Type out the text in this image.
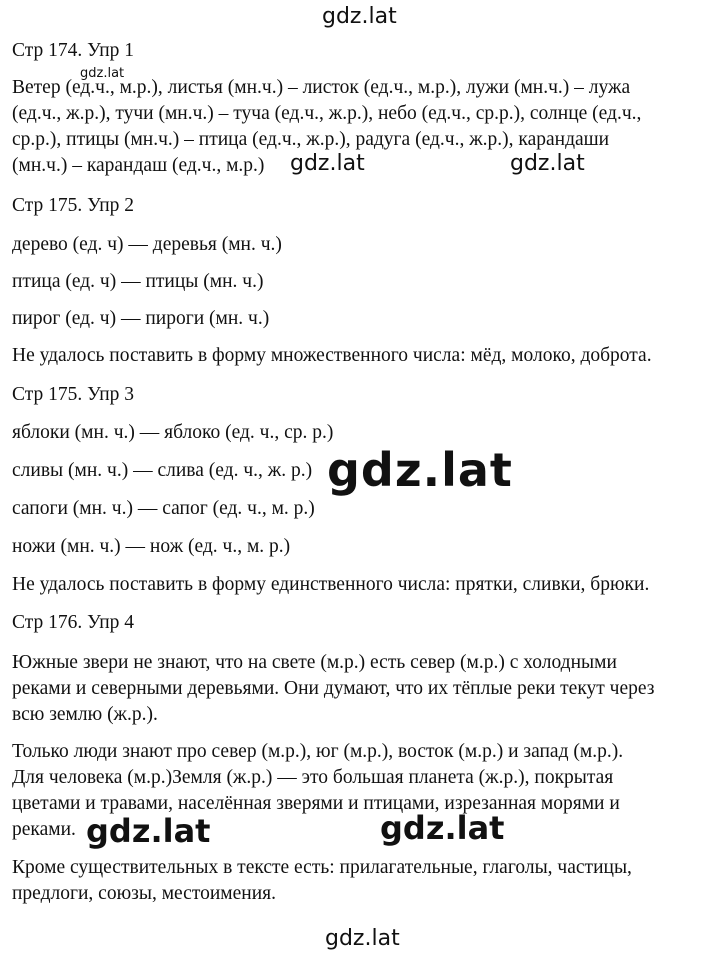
Стр 174. Упр 1
Ветер (ед.ч., м.р.), листья (мн.ч.) – листок (ед.ч., м.р.), лужи (мн.ч.) – лужа
(ед.ч., ж.р.), тучи (мн.ч.) – туча (ед.ч., ж.р.), небо (ед.ч., ср.р.), солнце (ед.ч.,
ср.р.), птицы (мн.ч.) – птица (ед.ч., ж.р.), радуга (ед.ч., ж.р.), карандаши
(мн.ч.) – карандаш (ед.ч., м.р.)
Стр 175. Упр 2
дерево (ед. ч) — деревья (мн. ч.)
птица (ед. ч) — птицы (мн. ч.)
пирог (ед. ч) — пироги (мн. ч.)
Не удалось поставить в форму множественного числа: мёд, молоко, доброта.
Стр 175. Упр 3
яблоки (мн. ч.) — яблоко (ед. ч., ср. р.)
сливы (мн. ч.) — слива (ед. ч., ж. р.)
сапоги (мн. ч.) — сапог (ед. ч., м. р.)
ножи (мн. ч.) — нож (ед. ч., м. р.)
Не удалось поставить в форму единственного числа: прятки, сливки, брюки.
Стр 176. Упр 4
Южные звери не знают, что на свете (м.р.) есть север (м.р.) с холодными
реками и северными деревьями. Они думают, что их тёплые реки текут через
всю землю (ж.р.).
Только люди знают про север (м.р.), юг (м.р.), восток (м.р.) и запад (м.р.).
Для человека (м.р.)Земля (ж.р.) — это большая планета (ж.р.), покрытая
цветами и травами, населённая зверями и птицами, изрезанная морями и
реками.
Кроме существительных в тексте есть: прилагательные, глаголы, частицы,
предлоги, союзы, местоимения.
gdz.lat
gdz.lat
gdz.lat	gdz.lat
gdz.lat
gdz.lat	gdz.lat
gdz.lat
